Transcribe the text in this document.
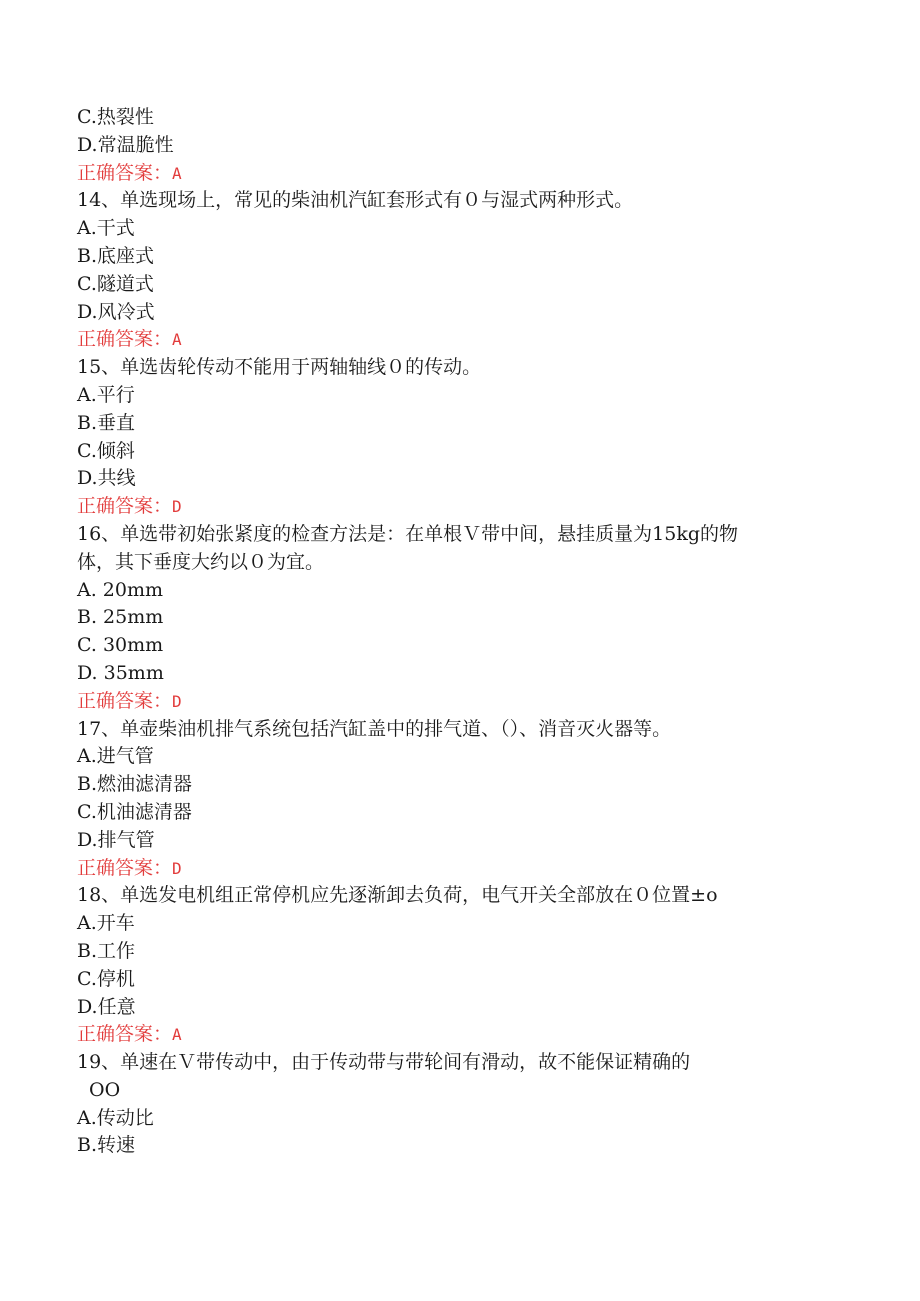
C.热裂性
D.常温脆性
正确答案：A
14、单选现场上，常见的柴油机汽缸套形式有０与湿式两种形式。
A.干式
B.底座式
C.隧道式
D.风冷式
正确答案：A
15、单选齿轮传动不能用于两轴轴线０的传动。
A.平行
B.垂直
C.倾斜
D.共线
正确答案：D
16、单选带初始张紧度的检查方法是：在单根Ｖ带中间，悬挂质量为15kg的物
体，其下垂度大约以０为宜。
A. 20mm
B. 25mm
C. 30mm
D. 35mm
正确答案：D
17、单壶柴油机排气系统包括汽缸盖中的排气道、（）、消音灭火器等。
A.进气管
B.燃油滤清器
C.机油滤清器
D.排气管
正确答案：D
18、单选发电机组正常停机应先逐渐卸去负荷，电气开关全部放在０位置±o
A.开车
B.工作
C.停机
D.任意
正确答案：A
19、单速在Ｖ带传动中，由于传动带与带轮间有滑动，故不能保证精确的
OO
A.传动比
B.转速
